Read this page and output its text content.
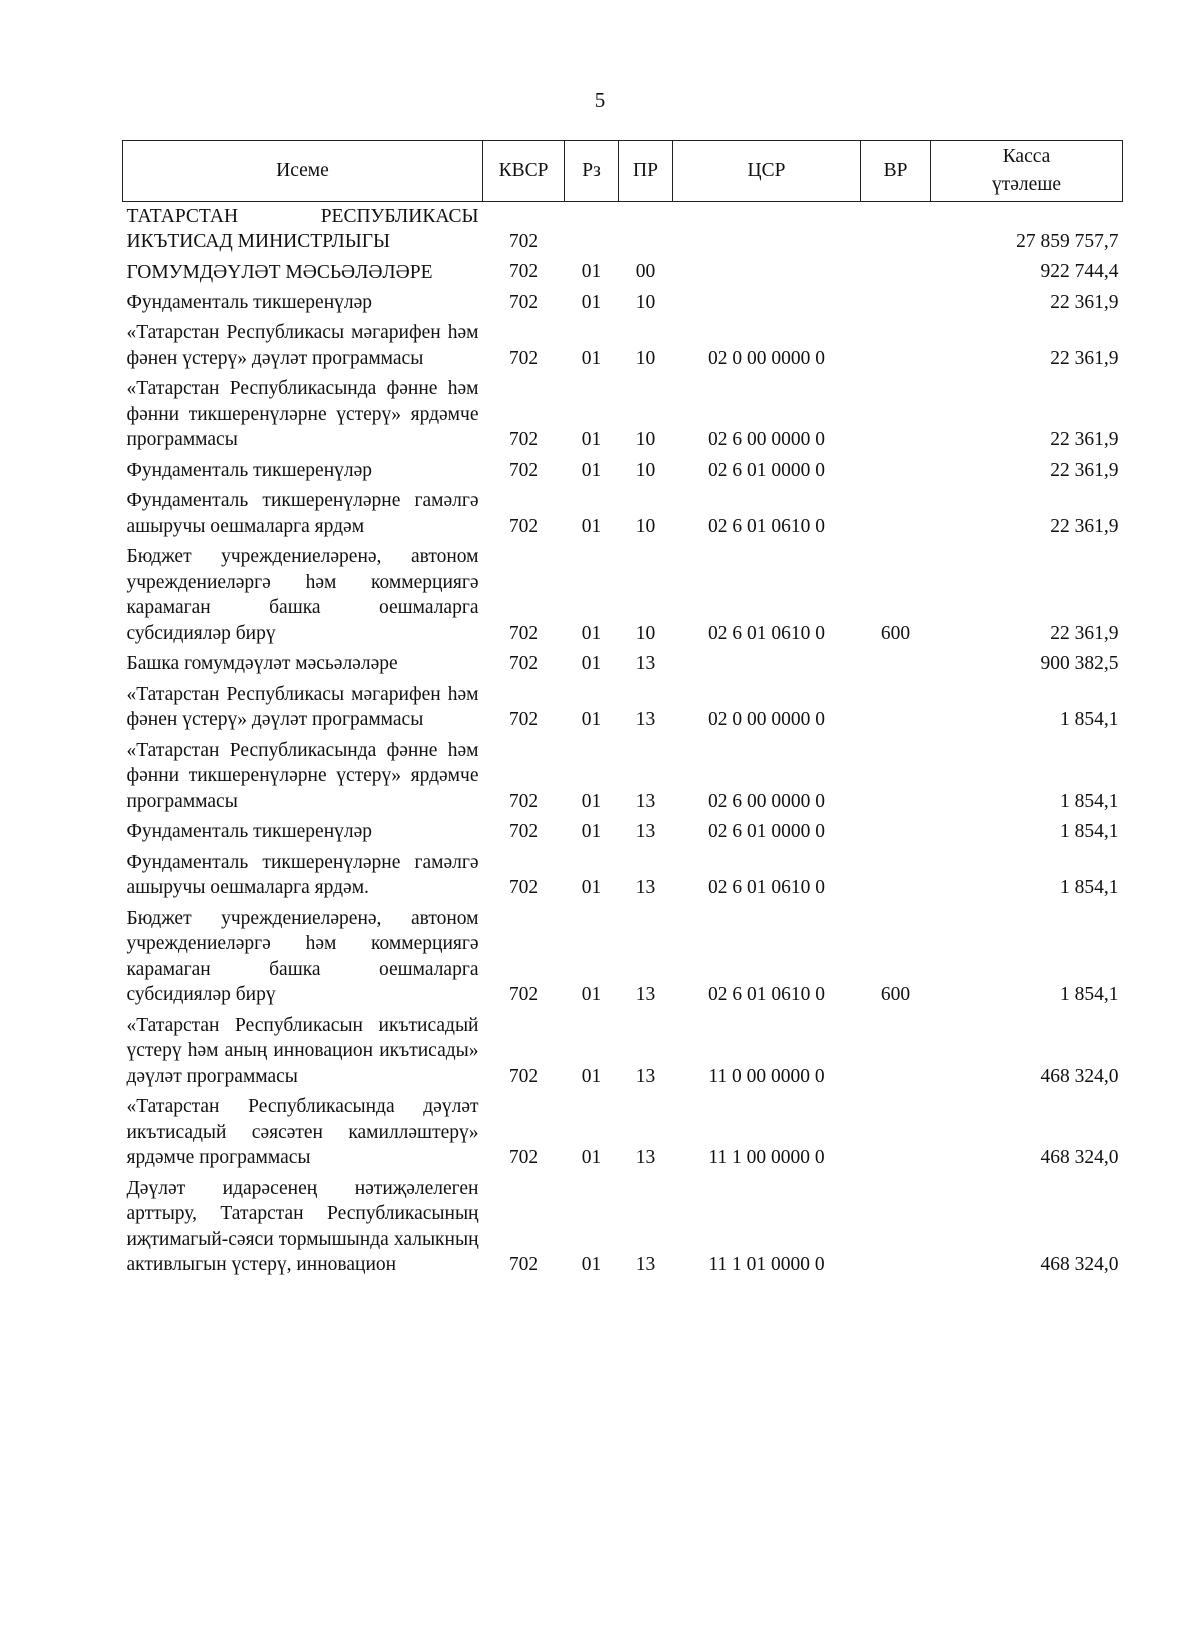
5
Исеме	КВСР	Рз	ПР	ЦСР	ВР	Касса
үтәлеше
ТАТАРСТАН РЕСПУБЛИКАСЫ ИКЪТИСАД МИНИСТРЛЫГЫ	702					27 859 757,7
ГОМУМДӘҮЛӘТ МӘСЬӘЛӘЛӘРЕ	702	01	00			922 744,4
Фундаменталь тикшеренүләр	702	01	10			22 361,9
«Татарстан Республикасы мәгарифен һәм фәнен үстерү» дәүләт программасы	702	01	10	02 0 00 0000 0		22 361,9
«Татарстан Республикасында фәнне һәм фәнни тикшеренүләрне үстерү» ярдәмче программасы	702	01	10	02 6 00 0000 0		22 361,9
Фундаменталь тикшеренүләр	702	01	10	02 6 01 0000 0		22 361,9
Фундаменталь тикшеренүләрне гамәлгә ашыручы оешмаларга ярдәм	702	01	10	02 6 01 0610 0		22 361,9
Бюджет учреждениеләренә, автоном учреждениеләргә һәм коммерциягә карамаган башка оешмаларга субсидияләр бирү	702	01	10	02 6 01 0610 0	600	22 361,9
Башка гомумдәүләт мәсьәләләре	702	01	13			900 382,5
«Татарстан Республикасы мәгарифен һәм фәнен үстерү» дәүләт программасы	702	01	13	02 0 00 0000 0		1 854,1
«Татарстан Республикасында фәнне һәм фәнни тикшеренүләрне үстерү» ярдәмче программасы	702	01	13	02 6 00 0000 0		1 854,1
Фундаменталь тикшеренүләр	702	01	13	02 6 01 0000 0		1 854,1
Фундаменталь тикшеренүләрне гамәлгә ашыручы оешмаларга ярдәм.	702	01	13	02 6 01 0610 0		1 854,1
Бюджет учреждениеләренә, автоном учреждениеләргә һәм коммерциягә карамаган башка оешмаларга субсидияләр бирү	702	01	13	02 6 01 0610 0	600	1 854,1
«Татарстан Республикасын икътисадый үстерү һәм аның инновацион икътисады» дәүләт программасы	702	01	13	11 0 00 0000 0		468 324,0
«Татарстан Республикасында дәүләт икътисадый сәясәтен камилләштерү» ярдәмче программасы	702	01	13	11 1 00 0000 0		468 324,0
Дәүләт идарәсенең нәтиҗәлелеген арттыру, Татарстан Республикасының иҗтимагый-сәяси тормышында халыкның активлыгын үстерү, инновацион	702	01	13	11 1 01 0000 0		468 324,0
